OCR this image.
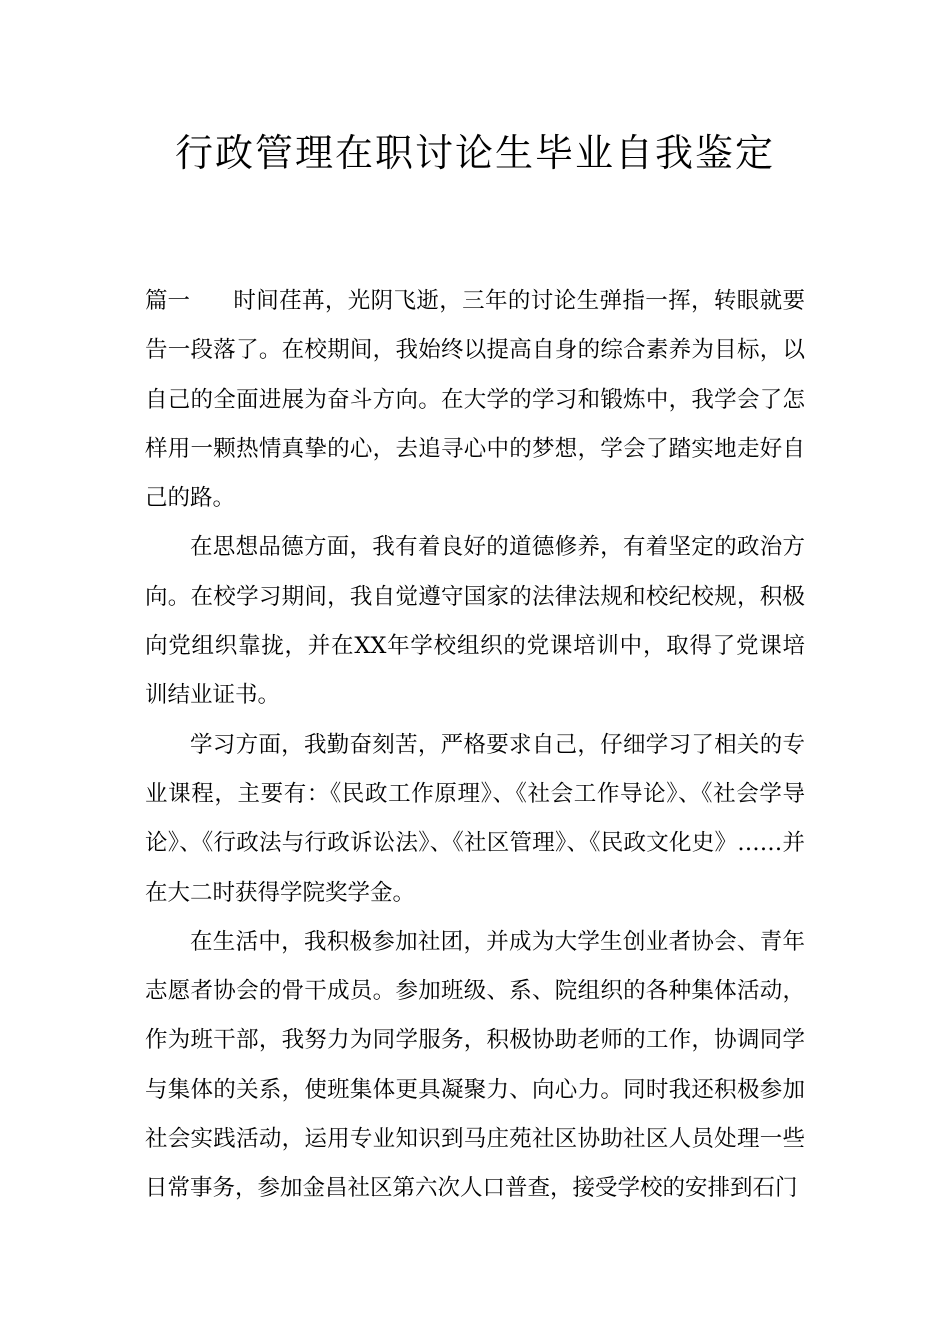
行政管理在职讨论生毕业自我鉴定

篇一 时间荏苒，光阴飞逝，三年的讨论生弹指一挥，转眼就要告一段落了。在校期间，我始终以提高自身的综合素养为目标，以自己的全面进展为奋斗方向。在大学的学习和锻炼中，我学会了怎样用一颗热情真挚的心，去追寻心中的梦想，学会了踏实地走好自己的路。

在思想品德方面，我有着良好的道德修养，有着坚定的政治方向。在校学习期间，我自觉遵守国家的法律法规和校纪校规，积极向党组织靠拢，并在XX年学校组织的党课培训中，取得了党课培训结业证书。

学习方面，我勤奋刻苦，严格要求自己，仔细学习了相关的专业课程，主要有：《民政工作原理》、《社会工作导论》、《社会学导论》、《行政法与行政诉讼法》、《社区管理》、《民政文化史》……并在大二时获得学院奖学金。

在生活中，我积极参加社团，并成为大学生创业者协会、青年志愿者协会的骨干成员。参加班级、系、院组织的各种集体活动，作为班干部，我努力为同学服务，积极协助老师的工作，协调同学与集体的关系，使班集体更具凝聚力、向心力。同时我还积极参加社会实践活动，运用专业知识到马庄苑社区协助社区人员处理一些日常事务，参加金昌社区第六次人口普查，接受学校的安排到石门
